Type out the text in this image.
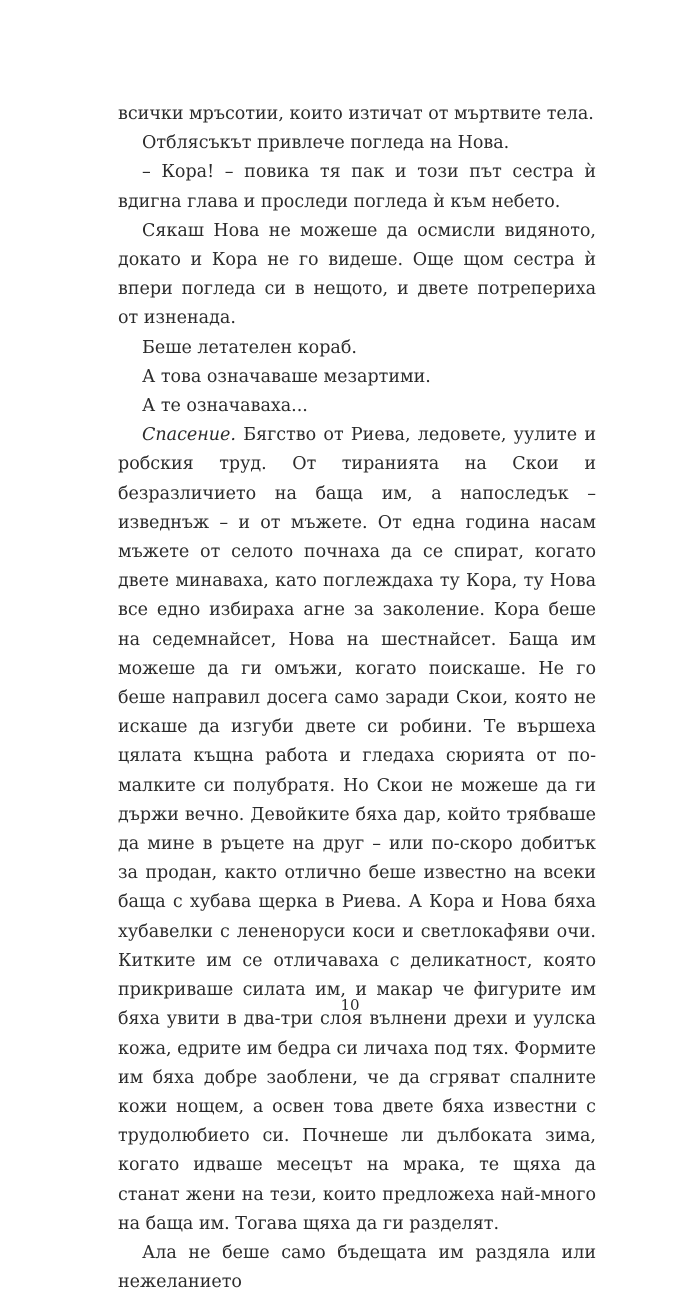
всички мръсотии, които изтичат от мъртвите тела.

Отблясъкът привлече погледа на Нова.

– Кора! – повика тя пак и този път сестра ѝ вдигна глава и проследи погледа ѝ към небето.

Сякаш Нова не можеше да осмисли видяното, докато и Кора не го видеше. Още щом сестра ѝ впери погледа си в нещото, и двете потрепериха от изненада.

Беше летателен кораб.

А това означаваше мезартими.

А те означаваха...

Спасение. Бягство от Риева, ледовете, уулите и робския труд. От тиранията на Скои и безразличието на баща им, а напоследък – изведнъж – и от мъжете. От една година насам мъжете от селото почнаха да се спират, когато двете минаваха, като поглеждаха ту Кора, ту Нова все едно избираха агне за заколение. Кора беше на седемнайсет, Нова на шестнайсет. Баща им можеше да ги омъжи, когато поискаше. Не го беше направил досега само заради Скои, която не искаше да изгуби двете си робини. Те вършеха цялата къщна работа и гледаха сюрията от по-малките си полубратя. Но Скои не можеше да ги държи вечно. Девойките бяха дар, който трябваше да мине в ръцете на друг – или по-скоро добитък за продан, както отлично беше известно на всеки баща с хубава щерка в Риева. А Кора и Нова бяха хубавелки с лененоруси коси и светлокафяви очи. Китките им се отличаваха с деликатност, която прикриваше силата им, и макар че фигурите им бяха увити в два-три слоя вълнени дрехи и уулска кожа, едрите им бедра си личаха под тях. Формите им бяха добре заоблени, че да сгряват спалните кожи нощем, а освен това двете бяха известни с трудолюбието си. Почнеше ли дълбоката зима, когато идваше месецът на мрака, те щяха да станат жени на тези, които предложеха най-много на баща им. Тогава щяха да ги разделят.

Ала не беше само бъдещата им раздяла или нежеланието

10
